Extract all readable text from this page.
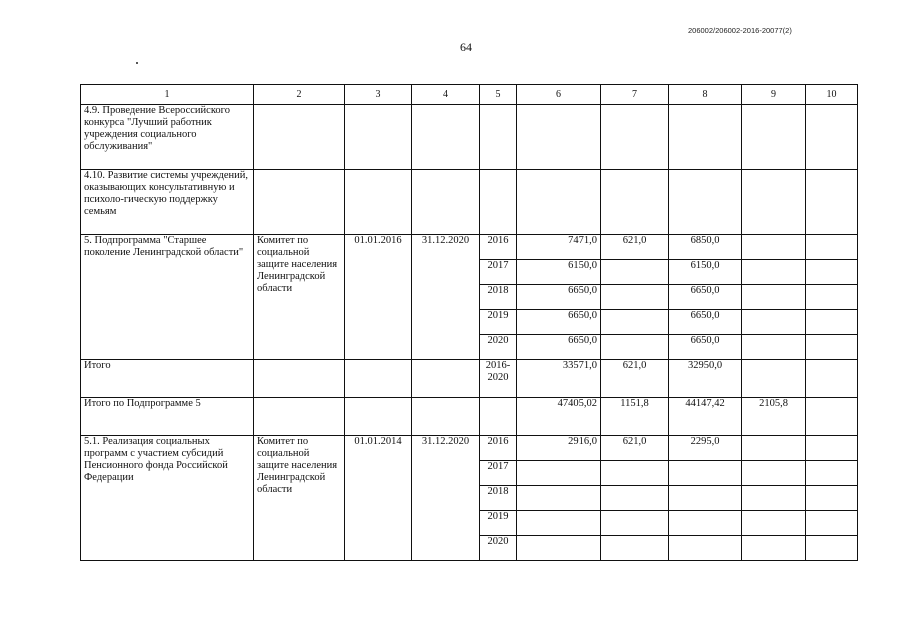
206002/206002-2016-20077(2)
64
1	2	3	4	5	6	7	8	9	10
4.9. Проведение Всероссийского конкурса "Лучший работник учреждения социального обслуживания"									
4.10. Развитие системы учреждений, оказывающих консультативную и психоло-гическую поддержку семьям									
5. Подпрограмма "Старшее поколение Ленинградской области"	Комитет по социальной защите населения Ленинградской области	01.01.2016	31.12.2020	2016	7471,0	621,0	6850,0		
				2017	6150,0		6150,0		
				2018	6650,0		6650,0		
				2019	6650,0		6650,0		
				2020	6650,0		6650,0		
Итого				2016-2020	33571,0	621,0	32950,0		
Итого по Подпрограмме 5					47405,02	1151,8	44147,42	2105,8	
5.1. Реализация социальных программ с участием субсидий Пенсионного фонда Российской Федерации	Комитет по социальной защите населения Ленинградской области	01.01.2014	31.12.2020	2016	2916,0	621,0	2295,0		
				2017					
				2018					
				2019					
				2020					
